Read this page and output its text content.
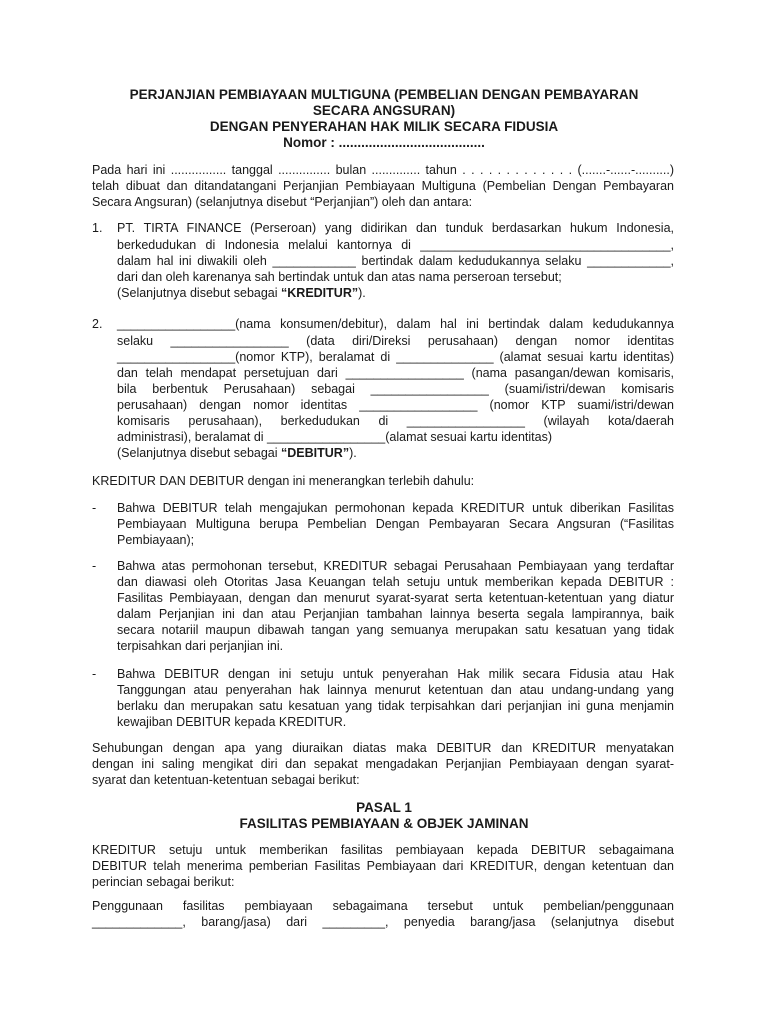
PERJANJIAN PEMBIAYAAN MULTIGUNA (PEMBELIAN DENGAN PEMBAYARAN
SECARA ANGSURAN)
DENGAN PENYERAHAN HAK MILIK SECARA FIDUSIA
Nomor : .......................................
Pada hari ini ................ tanggal ............... bulan .............. tahun . . . . . . . . . . . . . (.......-......-..........)
telah dibuat dan ditandatangani Perjanjian Pembiayaan Multiguna (Pembelian Dengan Pembayaran
Secara Angsuran) (selanjutnya disebut “Perjanjian”) oleh dan antara:
1. PT. TIRTA FINANCE (Perseroan) yang didirikan dan tunduk berdasarkan hukum Indonesia,
berkedudukan di Indonesia melalui kantornya di ____________________________________,
dalam hal ini diwakili oleh ____________ bertindak dalam kedudukannya selaku ____________,
dari dan oleh karenanya sah bertindak untuk dan atas nama perseroan tersebut;
(Selanjutnya disebut sebagai “KREDITUR”).
2. _________________(nama konsumen/debitur), dalam hal ini bertindak dalam kedudukannya
selaku _________________ (data diri/Direksi perusahaan) dengan nomor identitas
_________________(nomor KTP), beralamat di ______________ (alamat sesuai kartu identitas)
dan telah mendapat persetujuan dari _________________ (nama pasangan/dewan komisaris,
bila berbentuk Perusahaan) sebagai _________________ (suami/istri/dewan komisaris
perusahaan) dengan nomor identitas _________________ (nomor KTP suami/istri/dewan
komisaris perusahaan), berkedudukan di _________________ (wilayah kota/daerah
administrasi), beralamat di _________________(alamat sesuai kartu identitas)
(Selanjutnya disebut sebagai “DEBITUR”).
KREDITUR DAN DEBITUR dengan ini menerangkan terlebih dahulu:
- Bahwa DEBITUR telah mengajukan permohonan kepada KREDITUR untuk diberikan Fasilitas
Pembiayaan Multiguna berupa Pembelian Dengan Pembayaran Secara Angsuran (“Fasilitas
Pembiayaan);
- Bahwa atas permohonan tersebut, KREDITUR sebagai Perusahaan Pembiayaan yang terdaftar
dan diawasi oleh Otoritas Jasa Keuangan telah setuju untuk memberikan kepada DEBITUR :
Fasilitas Pembiayaan, dengan dan menurut syarat-syarat serta ketentuan-ketentuan yang diatur
dalam Perjanjian ini dan atau Perjanjian tambahan lainnya beserta segala lampirannya, baik
secara notariil maupun dibawah tangan yang semuanya merupakan satu kesatuan yang tidak
terpisahkan dari perjanjian ini.
- Bahwa DEBITUR dengan ini setuju untuk penyerahan Hak milik secara Fidusia atau Hak
Tanggungan atau penyerahan hak lainnya menurut ketentuan dan atau undang-undang yang
berlaku dan merupakan satu kesatuan yang tidak terpisahkan dari perjanjian ini guna menjamin
kewajiban DEBITUR kepada KREDITUR.
Sehubungan dengan apa yang diuraikan diatas maka DEBITUR dan KREDITUR menyatakan
dengan ini saling mengikat diri dan sepakat mengadakan Perjanjian Pembiayaan dengan syarat-
syarat dan ketentuan-ketentuan sebagai berikut:
PASAL 1
FASILITAS PEMBIAYAAN & OBJEK JAMINAN
KREDITUR setuju untuk memberikan fasilitas pembiayaan kepada DEBITUR sebagaimana
DEBITUR telah menerima pemberian Fasilitas Pembiayaan dari KREDITUR, dengan ketentuan dan
perincian sebagai berikut:
Penggunaan fasilitas pembiayaan sebagaimana tersebut untuk pembelian/penggunaan
_____________, barang/jasa) dari _________, penyedia barang/jasa (selanjutnya disebut
